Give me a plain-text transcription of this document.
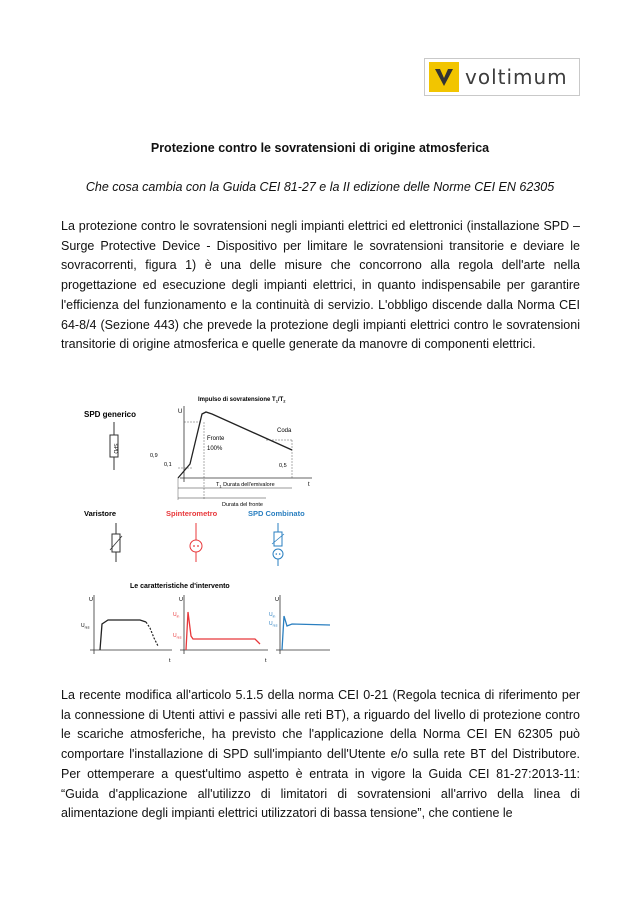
voltimum
Protezione contro le sovratensioni di origine atmosferica
Che cosa cambia con la Guida CEI 81-27 e la II edizione delle Norme CEI EN 62305
La protezione contro le sovratensioni negli impianti elettrici ed elettronici (installazione SPD – Surge Protective Device - Dispositivo per limitare le sovratensioni transitorie e deviare le sovracorrenti, figura 1) è una delle misure che concorrono alla regola dell'arte nella progettazione ed esecuzione degli impianti elettrici, in quanto indispensabile per garantire l'efficienza del funzionamento e la continuità di servizio. L'obbligo discende dalla Norma CEI 64-8/4 (Sezione 443) che prevede la protezione degli impianti elettrici contro le sovratensioni transitorie di origine atmosferica e quelle generate da manovre di componenti elettrici.
SPD generico
SPD
Impulso di sovratensione $T_1/T_2$
U
t
0,9
0,1	0,5
Coda
Fronte
100%
$T_1$ Durata dell'emivalore
Durata del fronte
Varistore	Spinterometro	SPD Combinato
Le caratteristiche d'intervento
U
t
$U_{res}$
U
t
$U_{in}$
$U_{res}$
U
$U_{in}$
$U_{res}$
La recente modifica all'articolo 5.1.5 della norma CEI 0-21 (Regola tecnica di riferimento per la connessione di Utenti attivi e passivi alle reti BT), a riguardo del livello di protezione contro le scariche atmosferiche, ha previsto che l'applicazione della Norma CEI EN 62305 può comportare l'installazione di SPD sull'impianto dell'Utente e/o sulla rete BT del Distributore. Per ottemperare a quest'ultimo aspetto è entrata in vigore la Guida CEI 81-27:2013-11: “Guida d'applicazione all'utilizzo di limitatori di sovratensioni all'arrivo della linea di alimentazione degli impianti elettrici utilizzatori di bassa tensione”, che contiene le
